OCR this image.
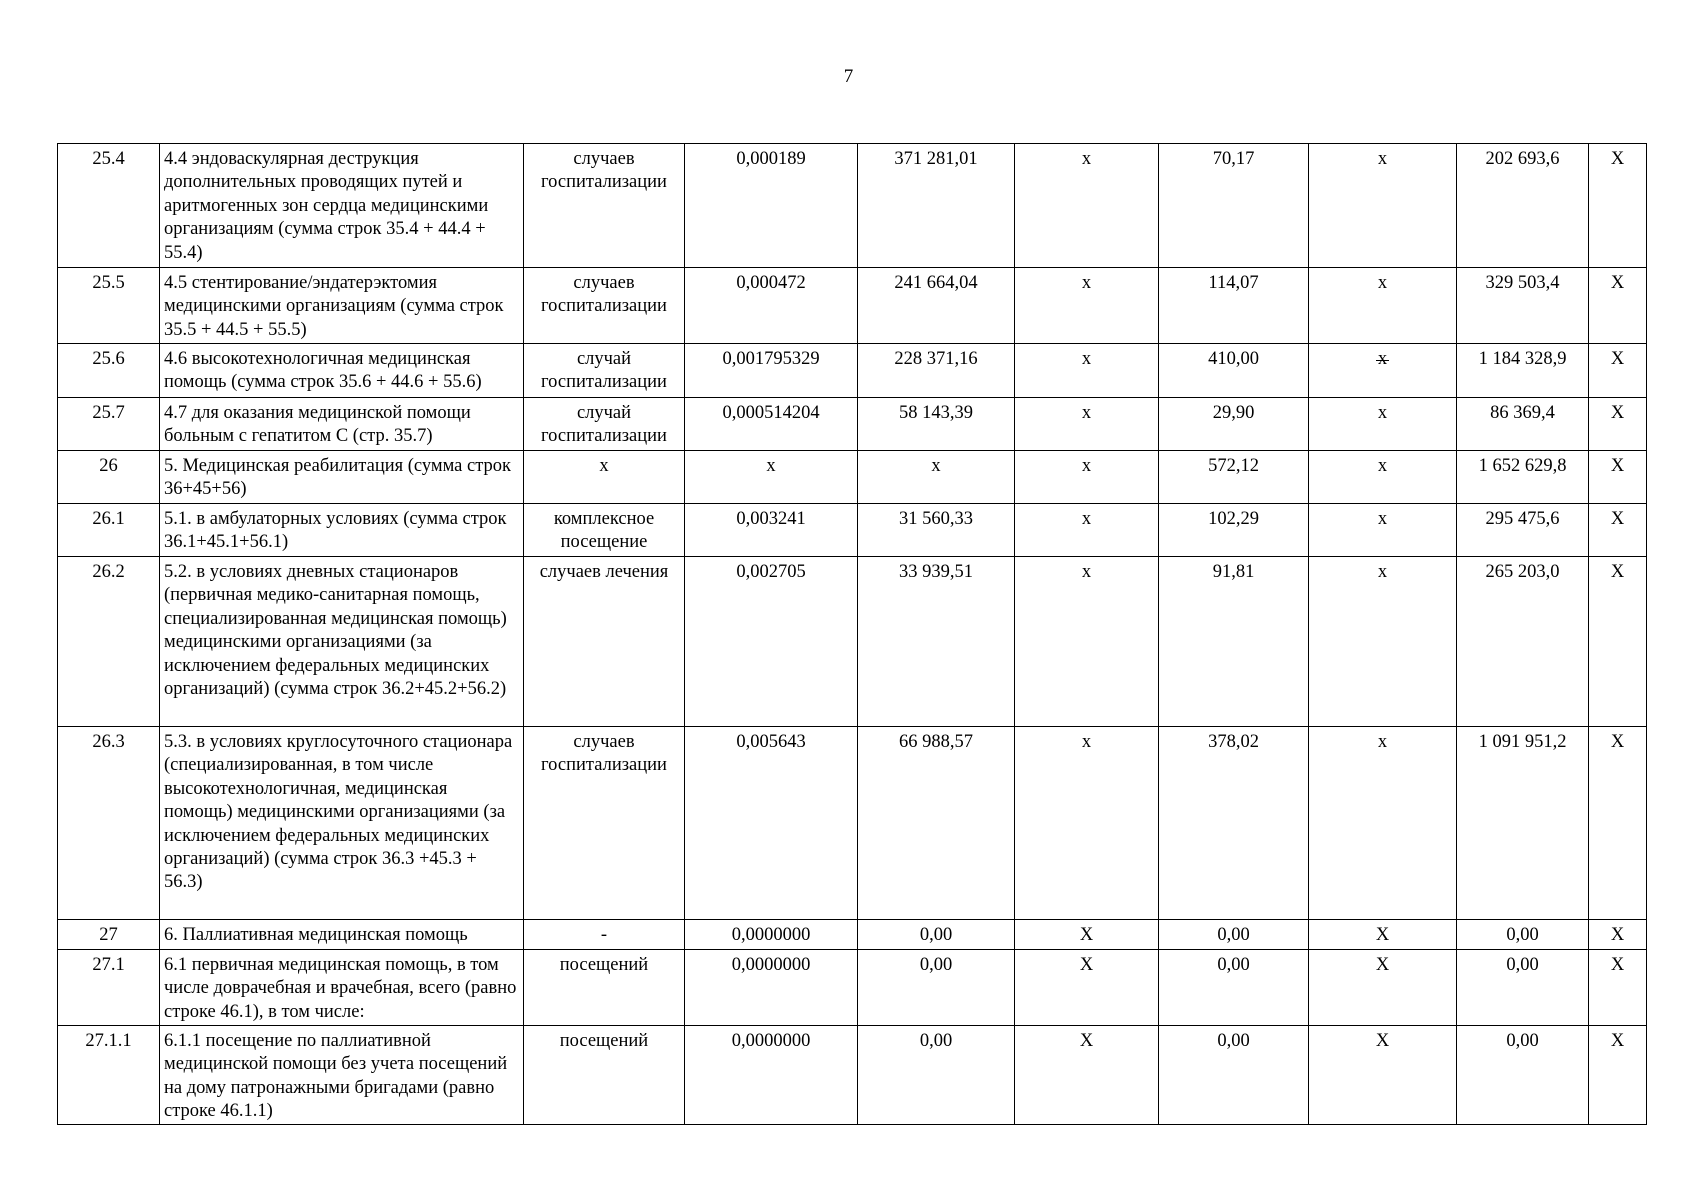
7
25.4	4.4 эндоваскулярная деструкция дополнительных проводящих путей и аритмогенных зон сердца медицинскими организациям (сумма строк 35.4 + 44.4 + 55.4)	случаев госпитализации	0,000189	371 281,01	х	70,17	х	202 693,6	Х
25.5	4.5 стентирование/эндатерэктомия медицинскими организациям (сумма строк 35.5 + 44.5 + 55.5)	случаев госпитализации	0,000472	241 664,04	х	114,07	х	329 503,4	Х
25.6	4.6 высокотехнологичная медицинская помощь (сумма строк 35.6 + 44.6 + 55.6)	случай госпитализации	0,001795329	228 371,16	х	410,00	х	1 184 328,9	Х
25.7	4.7 для оказания медицинской помощи больным с гепатитом С (стр. 35.7)	случай госпитализации	0,000514204	58 143,39	х	29,90	х	86 369,4	Х
26	5. Медицинская реабилитация (сумма строк 36+45+56)	х	х	х	х	572,12	х	1 652 629,8	Х
26.1	5.1. в амбулаторных условиях (сумма строк 36.1+45.1+56.1)	комплексное посещение	0,003241	31 560,33	х	102,29	х	295 475,6	Х
26.2	5.2. в условиях дневных стационаров (первичная медико-санитарная помощь, специализированная медицинская помощь) медицинскими организациями (за исключением федеральных медицинских организаций) (сумма строк 36.2+45.2+56.2)	случаев лечения	0,002705	33 939,51	х	91,81	х	265 203,0	Х
26.3	5.3. в условиях круглосуточного стационара (специализированная, в том числе высокотехнологичная, медицинская помощь) медицинскими организациями (за исключением федеральных медицинских организаций) (сумма строк 36.3 +45.3 + 56.3)	случаев госпитализации	0,005643	66 988,57	х	378,02	х	1 091 951,2	Х
27	6. Паллиативная медицинская помощь	-	0,0000000	0,00	Х	0,00	Х	0,00	Х
27.1	6.1 первичная медицинская помощь, в том числе доврачебная и врачебная, всего (равно строке 46.1), в том числе:	посещений	0,0000000	0,00	Х	0,00	Х	0,00	Х
27.1.1	6.1.1 посещение по паллиативной медицинской помощи без учета посещений на дому патронажными бригадами (равно строке 46.1.1)	посещений	0,0000000	0,00	Х	0,00	Х	0,00	Х
